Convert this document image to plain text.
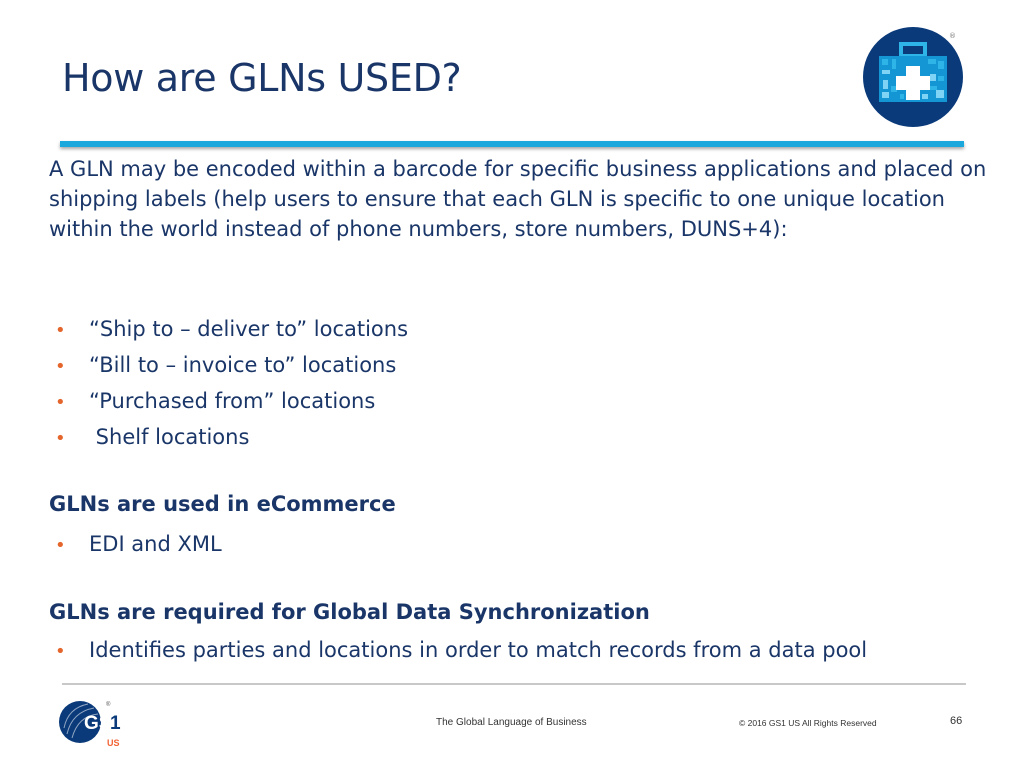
How are GLNs USED?
®
A GLN may be encoded within a barcode for specific business applications and placed on shipping labels (help users to ensure that each GLN is specific to one unique location within the world instead of phone numbers, store numbers, DUNS+4):
• “Ship to – deliver to” locations
• “Bill to – invoice to” locations
• “Purchased from” locations
• Shelf locations
GLNs are used in eCommerce
• EDI and XML
GLNs are required for Global Data Synchronization
• Identifies parties and locations in order to match records from a data pool
GS
1
®
US
The Global Language of Business	© 2016 GS1 US All Rights Reserved	66
